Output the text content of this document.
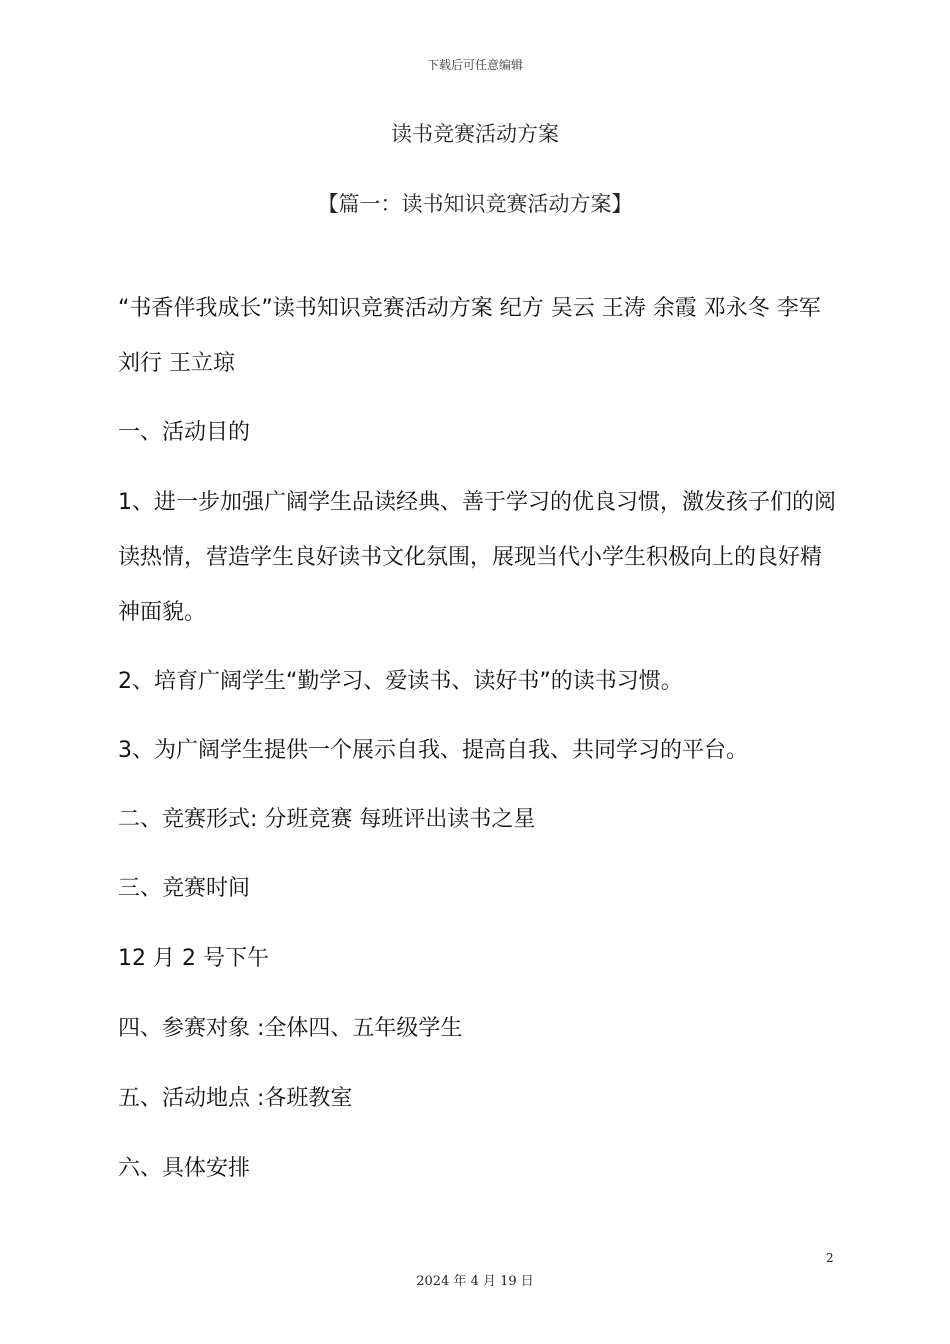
下载后可任意编辑
读书竞赛活动方案
【篇一：读书知识竞赛活动方案】
“书香伴我成长”读书知识竞赛活动方案 纪方 吴云 王涛 余霞 邓永冬 李军 刘行 王立琼
一、活动目的
1、进一步加强广阔学生品读经典、善于学习的优良习惯，激发孩子们的阅读热情，营造学生良好读书文化氛围，展现当代小学生积极向上的良好精神面貌。
2、培育广阔学生“勤学习、爱读书、读好书”的读书习惯。
3、为广阔学生提供一个展示自我、提高自我、共同学习的平台。
二、竞赛形式: 分班竞赛 每班评出读书之星
三、竞赛时间
12 月 2 号下午
四、参赛对象 :全体四、五年级学生
五、活动地点 :各班教室
六、具体安排
2
2024 年 4 月 19 日
